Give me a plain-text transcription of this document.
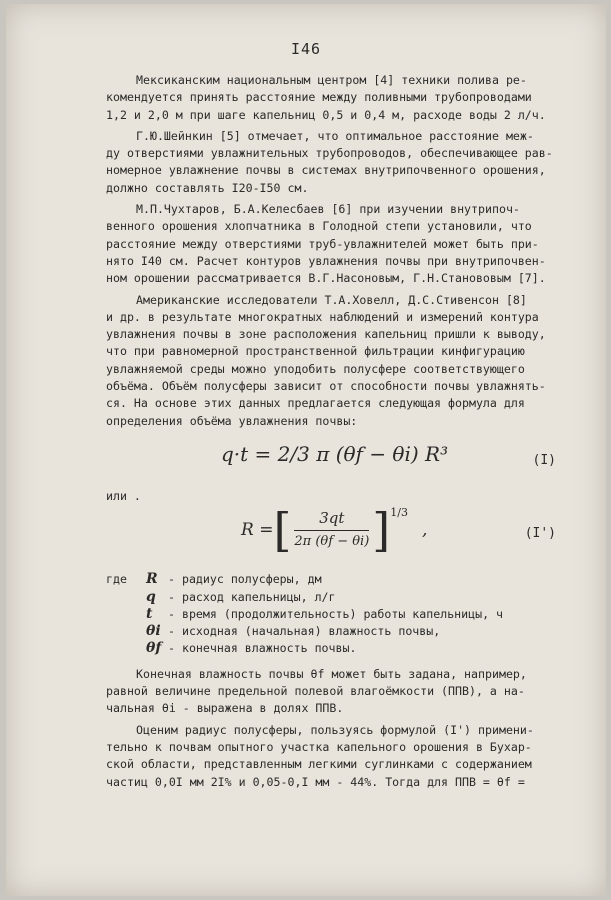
I46

Мексиканским национальным центром [4] техники полива ре-
комендуется принять расстояние между поливными трубопроводами
1,2 и 2,0 м при шаге капельниц 0,5 и 0,4 м, расходе воды 2 л/ч.

Г.Ю.Шейнкин [5] отмечает, что оптимальное расстояние меж-
ду отверстиями увлажнительных трубопроводов, обеспечивающее рав-
номерное увлажнение почвы в системах внутрипочвенного орошения,
должно составлять I20-I50 см.

М.П.Чухтаров, Б.А.Келесбаев [6] при изучении внутрипоч-
венного орошения хлопчатника в Голодной степи установили, что
расстояние между отверстиями труб-увлажнителей может быть при-
нято I40 см. Расчет контуров увлажнения почвы при внутрипочвен-
ном орошении рассматривается В.Г.Насоновым, Г.Н.Станововым [7].

Американские исследователи Т.А.Ховелл, Д.С.Стивенсон [8]
и др. в результате многократных наблюдений и измерений контура
увлажнения почвы в зоне расположения капельниц пришли к выводу,
что при равномерной пространственной фильтрации кинфигурацию
увлажняемой среды можно уподобить полусфере соответствующего
объёма. Объём полусферы зависит от способности почвы увлажнять-
ся. На основе этих данных предлагается следующая формула для
определения объёма увлажнения почвы:

q·t = 2/3 π (θf − θi) R³	(I)
или .
R = [ $\frac{3qt}{2\pi (\theta f - \theta i)}$ ] 1/3
,	(I')
где	R - радиус полусферы, дм
q	- расход капельницы, л/г
t	- время (продолжительность) работы капельницы, ч
θi - исходная (начальная) влажность почвы,
θf - конечная влажность почвы.

Конечная влажность почвы θf может быть задана, например,
равной величине предельной полевой влагоёмкости (ППВ), а на-
чальная θi - выражена в долях ППВ.

Оценим радиус полусферы, пользуясь формулой (I') примени-
тельно к почвам опытного участка капельного орошения в Бухар-
ской области, представленным легкими суглинками с содержанием
частиц 0,0I мм 2I% и 0,05-0,I мм - 44%. Тогда для ППВ = θf =
